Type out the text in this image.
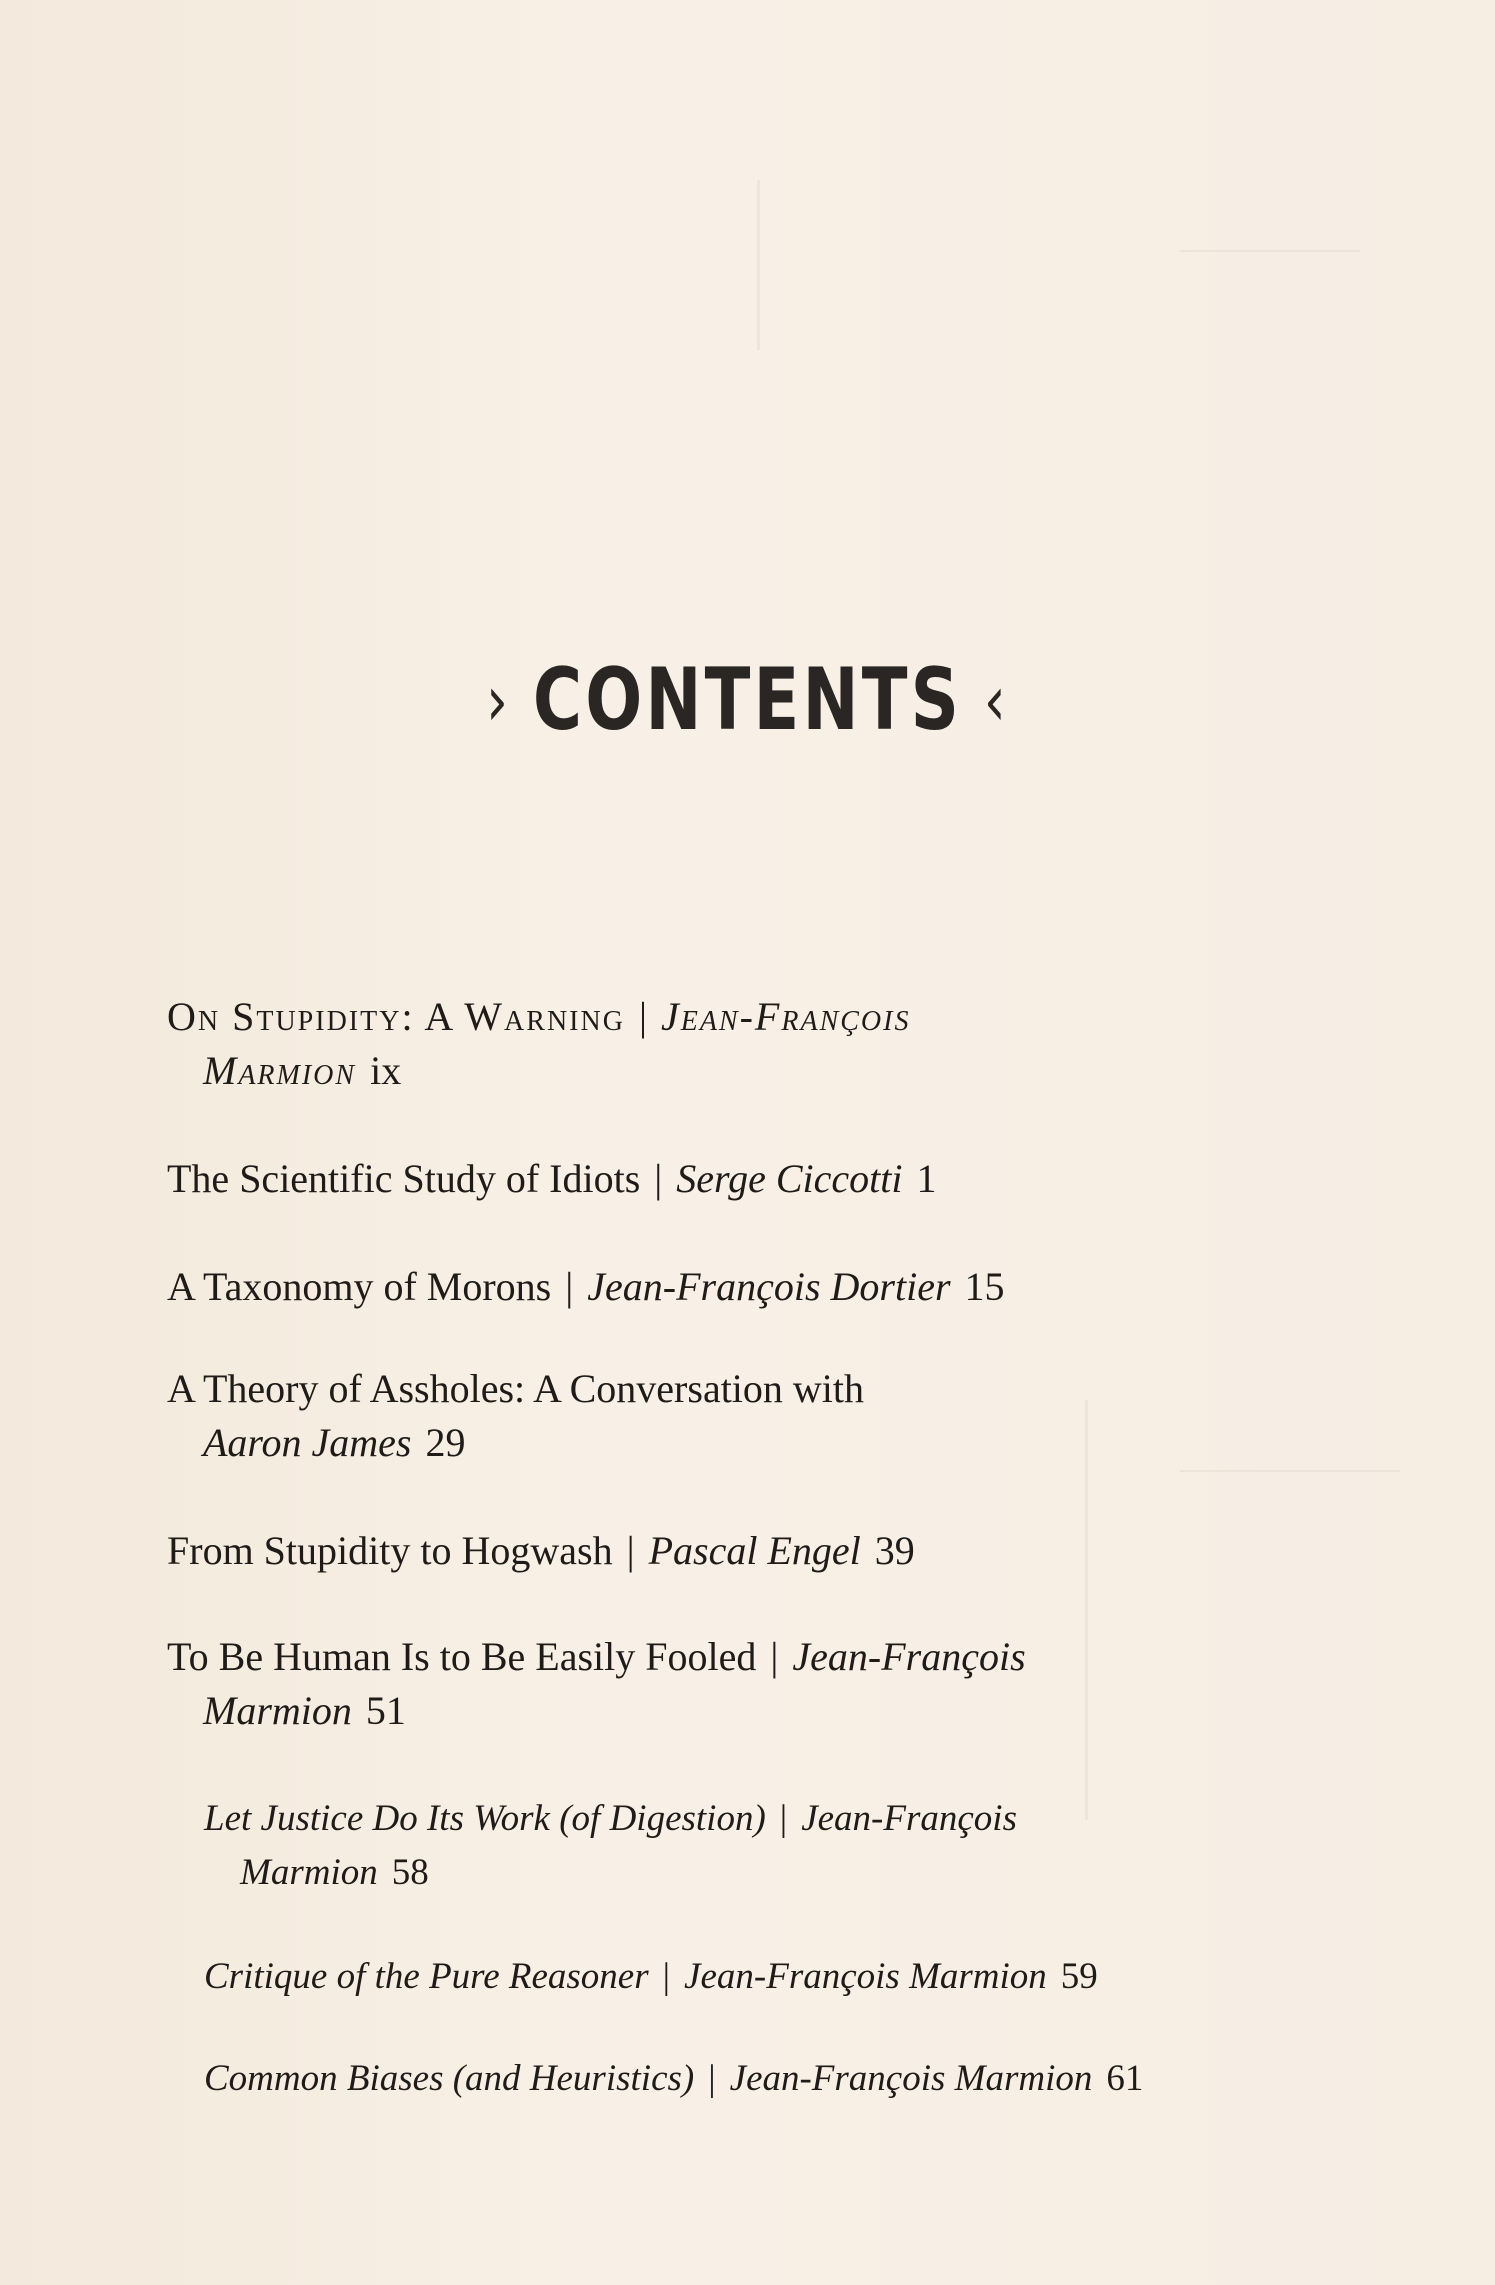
› CONTENTS ‹
On Stupidity: A Warning | Jean-François
Marmion ix
The Scientific Study of Idiots | Serge Ciccotti 1
A Taxonomy of Morons | Jean-François Dortier 15
A Theory of Assholes: A Conversation with
Aaron James 29
From Stupidity to Hogwash | Pascal Engel 39
To Be Human Is to Be Easily Fooled | Jean-François
Marmion 51
Let Justice Do Its Work (of Digestion) | Jean-François
Marmion 58
Critique of the Pure Reasoner | Jean-François Marmion 59
Common Biases (and Heuristics) | Jean-François Marmion 61
